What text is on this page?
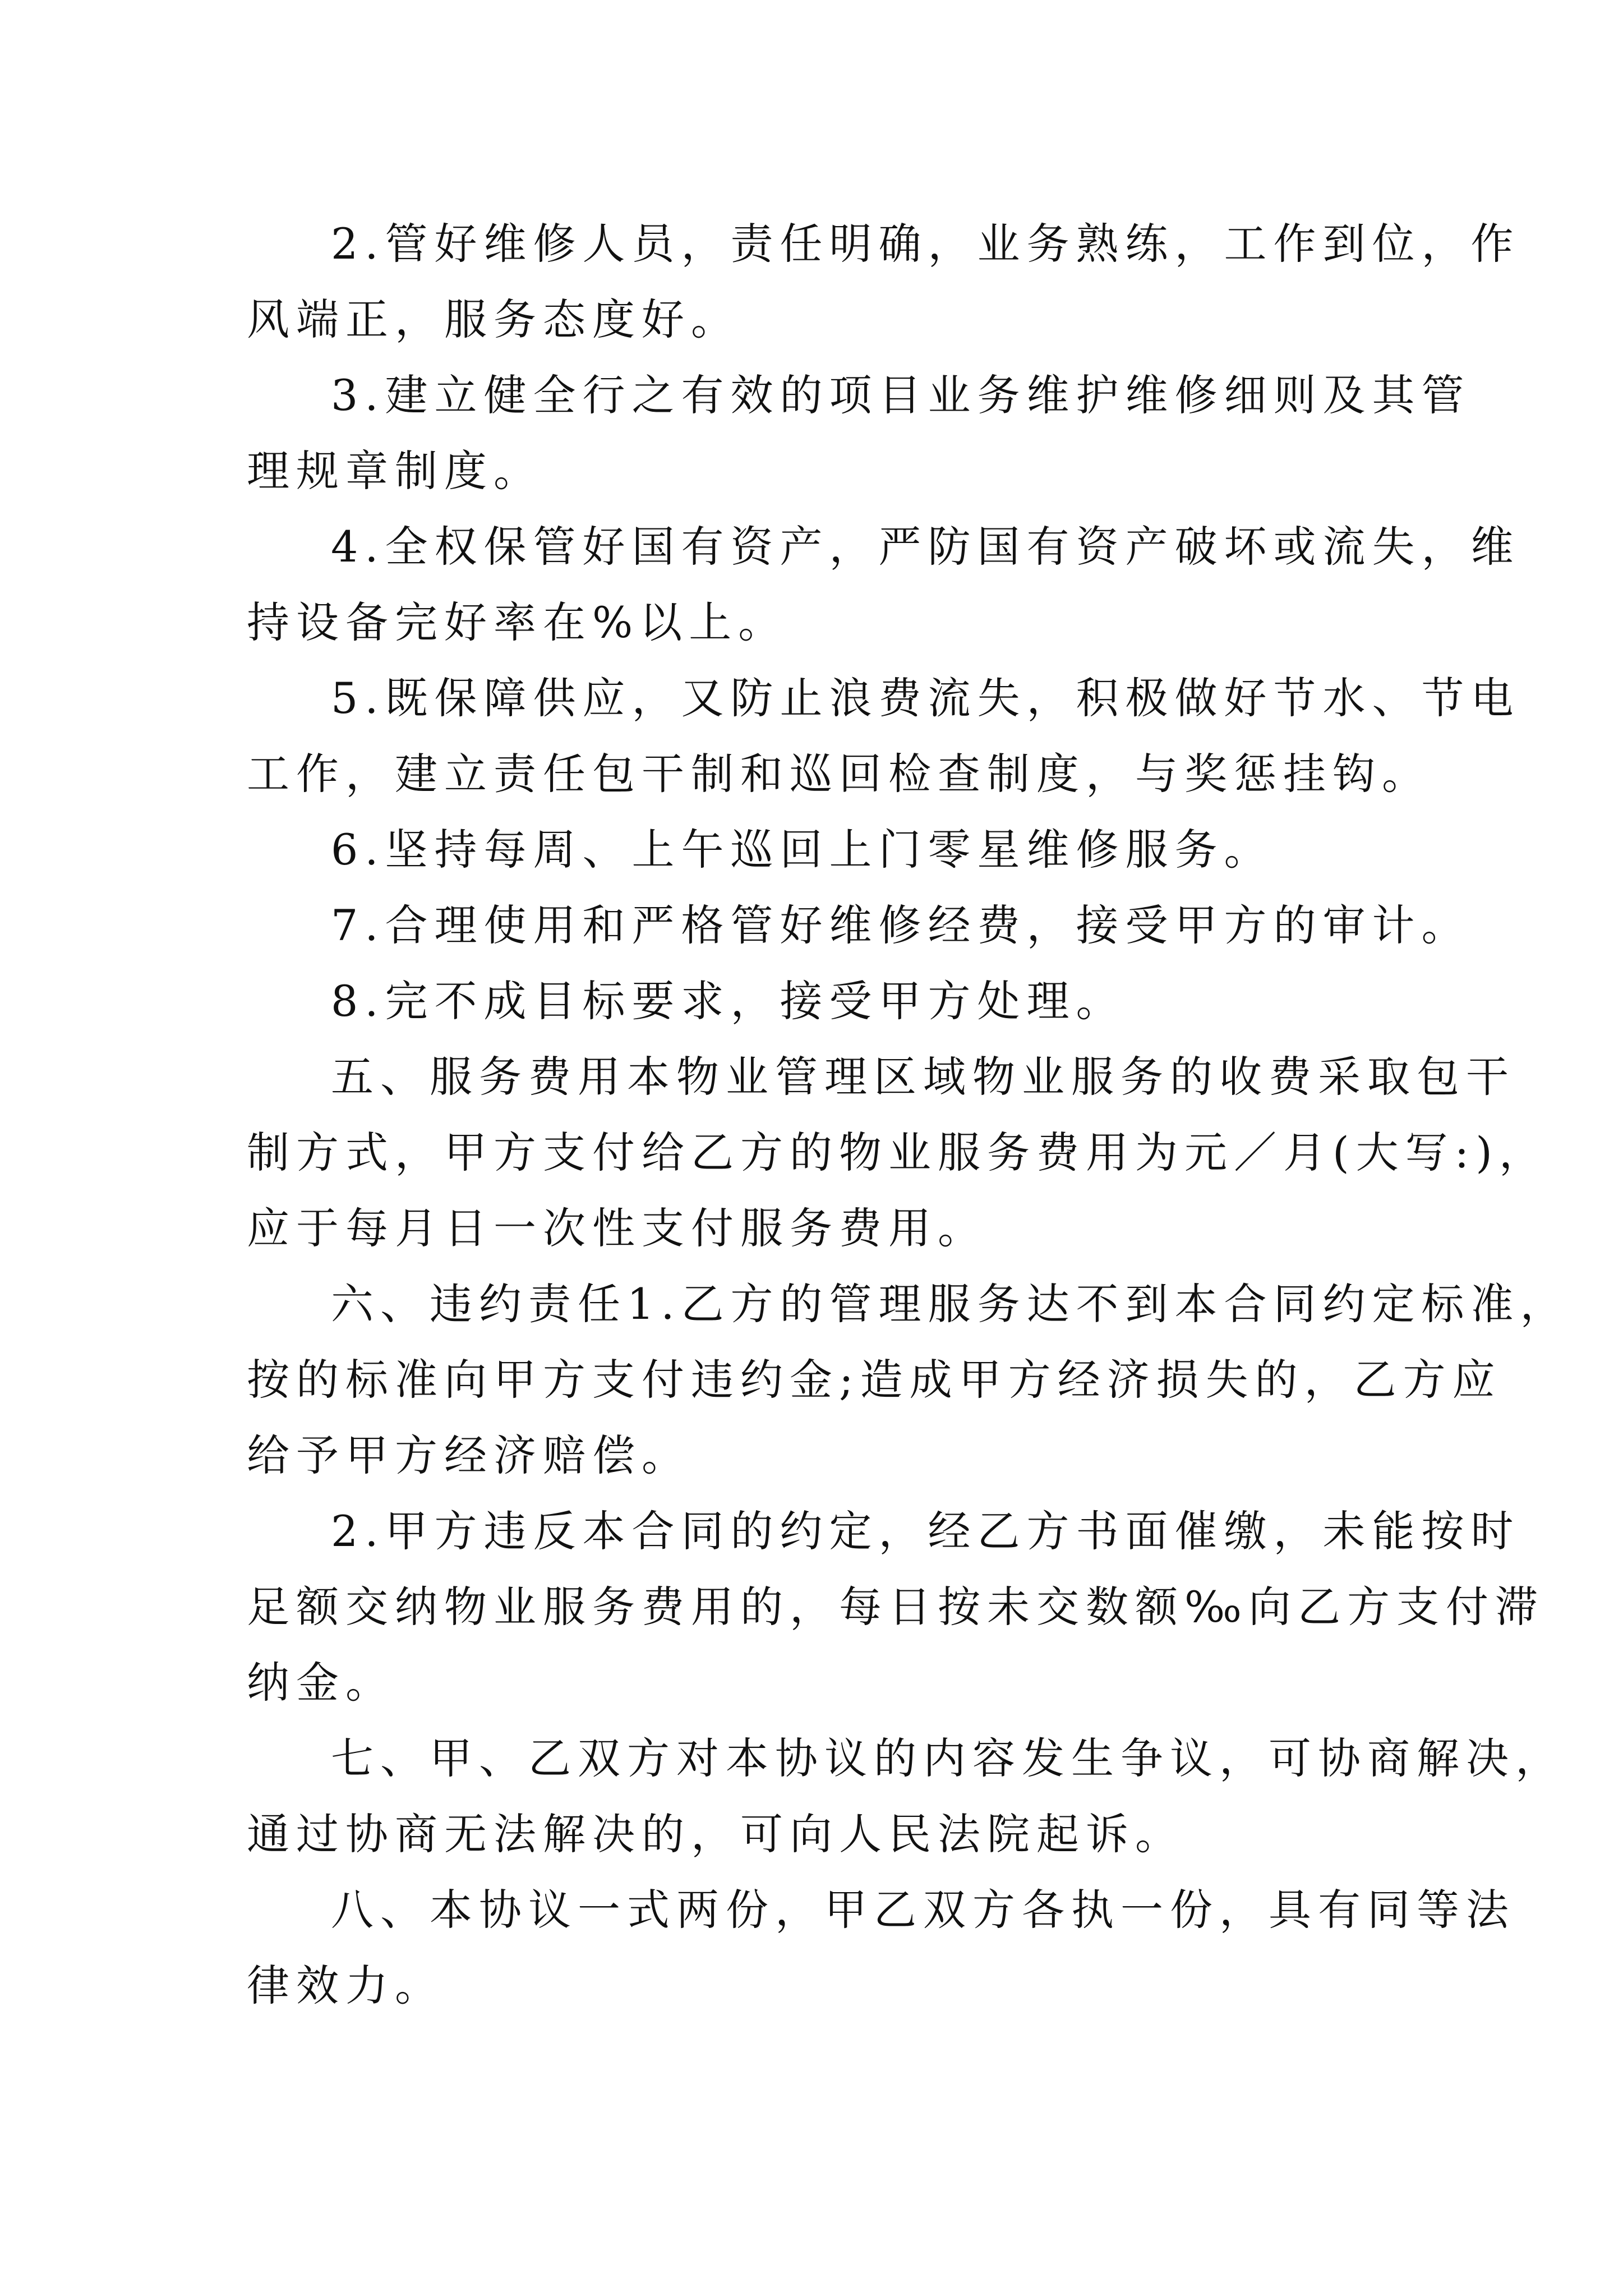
2.管好维修人员，责任明确，业务熟练，工作到位，作
风端正，服务态度好。
3.建立健全行之有效的项目业务维护维修细则及其管
理规章制度。
4.全权保管好国有资产，严防国有资产破坏或流失，维
持设备完好率在%以上。
5.既保障供应，又防止浪费流失，积极做好节水、节电
工作，建立责任包干制和巡回检查制度，与奖惩挂钩。
6.坚持每周、上午巡回上门零星维修服务。
7.合理使用和严格管好维修经费，接受甲方的审计。
8.完不成目标要求，接受甲方处理。
五、服务费用本物业管理区域物业服务的收费采取包干
制方式，甲方支付给乙方的物业服务费用为元／月(大写:)，
应于每月日一次性支付服务费用。
六、违约责任1.乙方的管理服务达不到本合同约定标准，
按的标准向甲方支付违约金;造成甲方经济损失的，乙方应
给予甲方经济赔偿。
2.甲方违反本合同的约定，经乙方书面催缴，未能按时
足额交纳物业服务费用的，每日按未交数额‰向乙方支付滞
纳金。
七、甲、乙双方对本协议的内容发生争议，可协商解决，
通过协商无法解决的，可向人民法院起诉。
八、本协议一式两份，甲乙双方各执一份，具有同等法
律效力。
